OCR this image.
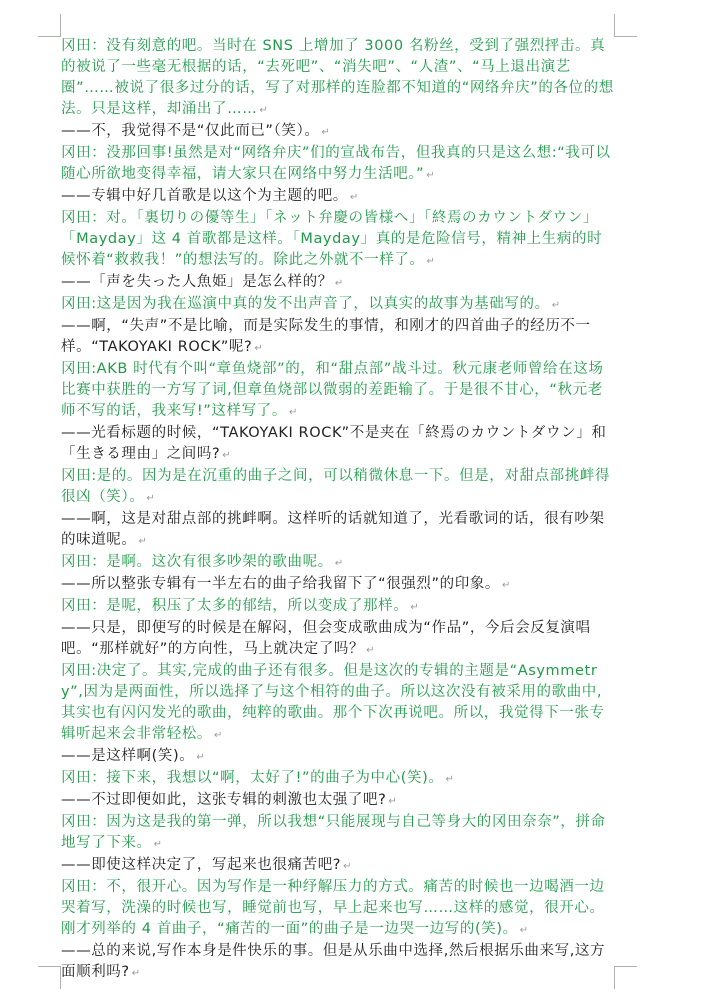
冈田：没有刻意的吧。当时在 SNS 上增加了 3000 名粉丝，受到了强烈抨击。真的被说了一些毫无根据的话，“去死吧”、“消失吧”、“人渣”、“马上退出演艺圈”……被说了很多过分的话，写了对那样的连脸都不知道的“网络弁庆”的各位的想法。只是这样，却涌出了…… ↵

——不，我觉得不是“仅此而已”（笑）。 ↵

冈田：没那回事!虽然是对“网络弁庆”们的宣战布告，但我真的只是这么想:“我可以随心所欲地变得幸福，请大家只在网络中努力生活吧。” ↵

——专辑中好几首歌是以这个为主题的吧。 ↵

冈田：对。「裏切りの優等生」「ネット弁慶の皆様へ」「終焉のカウントダウン」「Mayday」这 4 首歌都是这样。「Mayday」真的是危险信号，精神上生病的时候怀着“救救我！”的想法写的。除此之外就不一样了。 ↵

——「声を失った人魚姫」是怎么样的？ ↵

冈田:这是因为我在巡演中真的发不出声音了，以真实的故事为基础写的。 ↵

——啊，“失声”不是比喻，而是实际发生的事情，和刚才的四首曲子的经历不一样。“TAKOYAKI ROCK”呢? ↵

冈田:AKB 时代有个叫“章鱼烧部”的，和“甜点部”战斗过。秋元康老师曾给在这场比赛中获胜的一方写了词,但章鱼烧部以微弱的差距输了。于是很不甘心，“秋元老师不写的话，我来写!”这样写了。 ↵

——光看标题的时候，“TAKOYAKI ROCK”不是夹在「終焉のカウントダウン」和「生きる理由」之间吗? ↵

冈田:是的。因为是在沉重的曲子之间，可以稍微休息一下。但是，对甜点部挑衅得很凶（笑）。 ↵

——啊，这是对甜点部的挑衅啊。这样听的话就知道了，光看歌词的话，很有吵架的味道呢。 ↵

冈田：是啊。这次有很多吵架的歌曲呢。 ↵

——所以整张专辑有一半左右的曲子给我留下了“很强烈”的印象。 ↵

冈田：是呢，积压了太多的郁结，所以变成了那样。 ↵

——只是，即便写的时候是在解闷，但会变成歌曲成为“作品”，今后会反复演唱吧。“那样就好”的方向性，马上就决定了吗？ ↵

冈田:决定了。其实,完成的曲子还有很多。但是这次的专辑的主题是“Asymmetry”,因为是两面性，所以选择了与这个相符的曲子。所以这次没有被采用的歌曲中,其实也有闪闪发光的歌曲，纯粹的歌曲。那个下次再说吧。所以，我觉得下一张专辑听起来会非常轻松。 ↵

——是这样啊(笑)。 ↵

冈田：接下来，我想以“啊，太好了!”的曲子为中心(笑)。 ↵

——不过即便如此，这张专辑的刺激也太强了吧? ↵

冈田：因为这是我的第一弹，所以我想“只能展现与自己等身大的冈田奈奈”，拼命地写了下来。 ↵

——即使这样决定了，写起来也很痛苦吧? ↵

冈田：不，很开心。因为写作是一种纾解压力的方式。痛苦的时候也一边喝酒一边哭着写，洗澡的时候也写，睡觉前也写，早上起来也写……这样的感觉，很开心。刚才列举的 4 首曲子，“痛苦的一面”的曲子是一边哭一边写的(笑)。 ↵

——总的来说,写作本身是件快乐的事。但是从乐曲中选择,然后根据乐曲来写,这方面顺利吗? ↵
